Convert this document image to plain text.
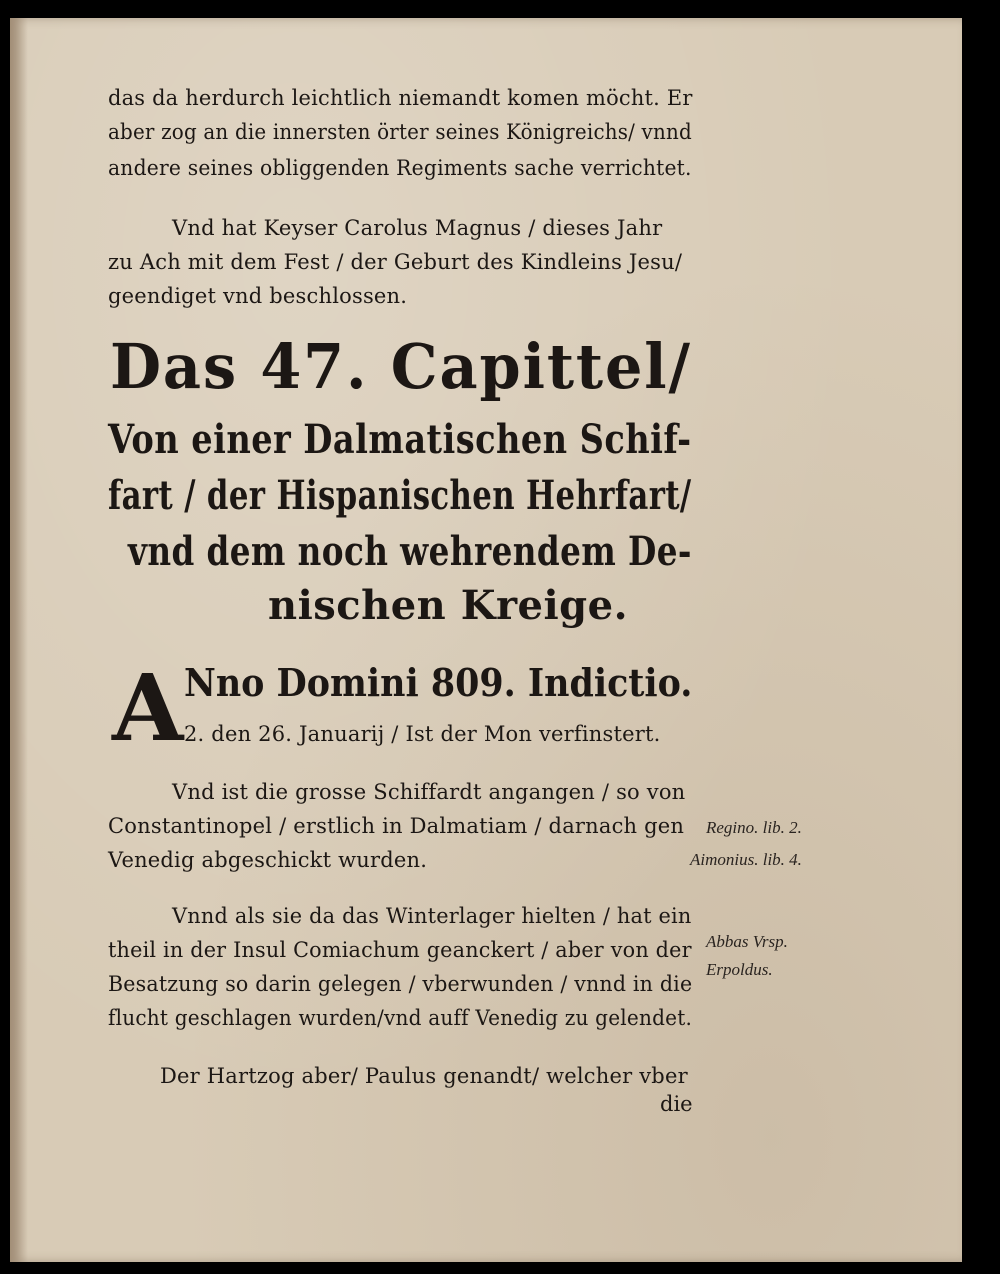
das da herdurch leichtlich niemandt komen möcht. Er
aber zog an die innersten örter seines Königreichs/ vnnd
andere seines obliggenden Regiments sache verrichtet.
Vnd hat Keyser Carolus Magnus / dieses Jahr
zu Ach mit dem Fest / der Geburt des Kindleins Jesu/
geendiget vnd beschlossen.
Das 47. Capittel/
Von einer Dalmatischen Schif-
fart / der Hispanischen Hehrfart/
vnd dem noch wehrendem De-
nischen Kreige.
A Nno Domini 809. Indictio.
2. den 26. Januarij / Ist der Mon verfinstert.
Vnd ist die grosse Schiffardt angangen / so von
Constantinopel / erstlich in Dalmatiam / darnach gen
Venedig abgeschickt wurden.
Vnnd als sie da das Winterlager hielten / hat ein
theil in der Insul Comiachum geanckert / aber von der
Besatzung so darin gelegen / vberwunden / vnnd in die
flucht geschlagen wurden/vnd auff Venedig zu gelendet.
Der Hartzog aber/ Paulus genandt/ welcher vber
die
Regino. lib. 2.
Aimonius. lib. 4.
Abbas Vrsp.
Erpoldus.
